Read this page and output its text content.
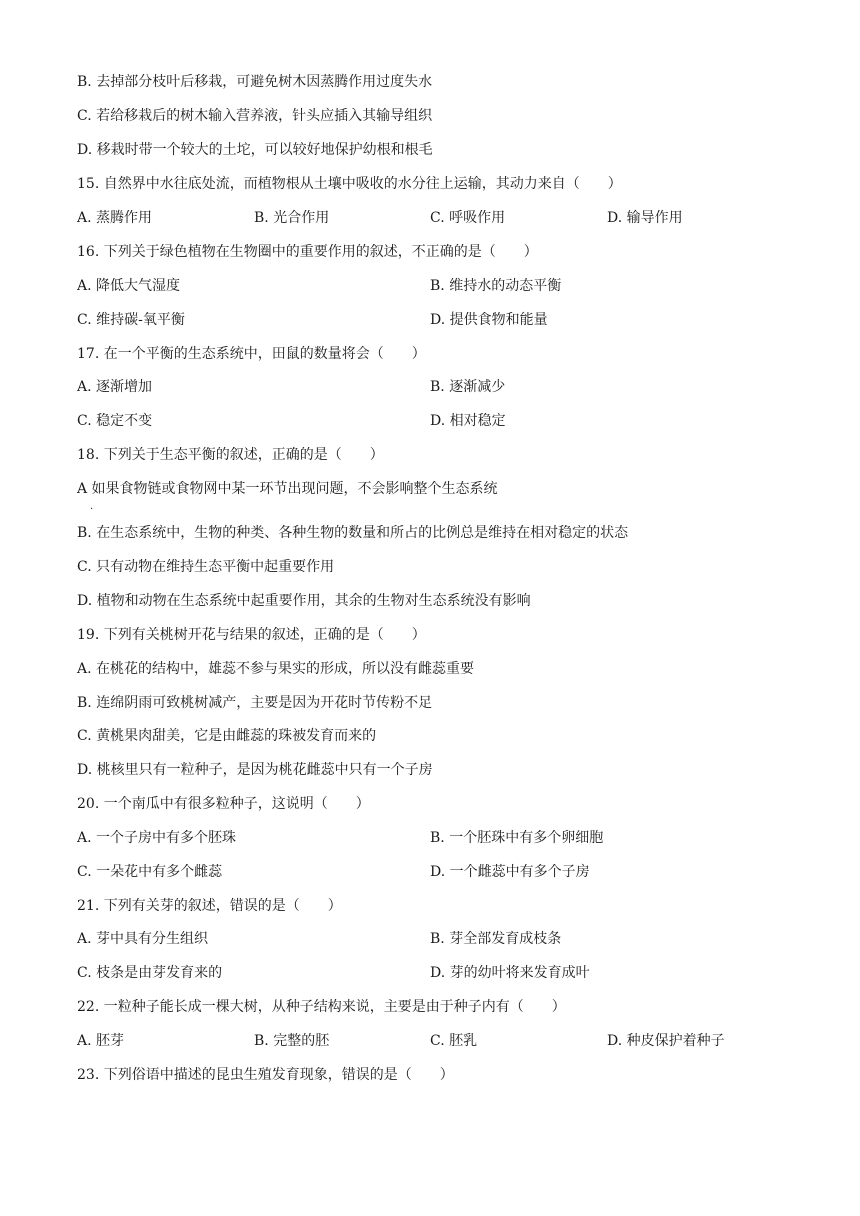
B. 去掉部分枝叶后移栽，可避免树木因蒸腾作用过度失水
C. 若给移栽后的树木输入营养液，针头应插入其输导组织
D. 移栽时带一个较大的土坨，可以较好地保护幼根和根毛
15. 自然界中水往底处流，而植物根从土壤中吸收的水分往上运输，其动力来自（　　）
A. 蒸腾作用	B. 光合作用	C. 呼吸作用	D. 输导作用
16. 下列关于绿色植物在生物圈中的重要作用的叙述，不正确的是（　　）
A. 降低大气湿度	B. 维持水的动态平衡
C. 维持碳-氧平衡	D. 提供食物和能量
17. 在一个平衡的生态系统中，田鼠的数量将会（　　）
A. 逐渐增加	B. 逐渐减少
C. 稳定不变	D. 相对稳定
18. 下列关于生态平衡的叙述，正确的是（　　）
A 如果食物链或食物网中某一环节出现问题，不会影响整个生态系统
.
B. 在生态系统中，生物的种类、各种生物的数量和所占的比例总是维持在相对稳定的状态
C. 只有动物在维持生态平衡中起重要作用
D. 植物和动物在生态系统中起重要作用，其余的生物对生态系统没有影响
19. 下列有关桃树开花与结果的叙述，正确的是（　　）
A. 在桃花的结构中，雄蕊不参与果实的形成，所以没有雌蕊重要
B. 连绵阴雨可致桃树减产，主要是因为开花时节传粉不足
C. 黄桃果肉甜美，它是由雌蕊的珠被发育而来的
D. 桃核里只有一粒种子，是因为桃花雌蕊中只有一个子房
20. 一个南瓜中有很多粒种子，这说明（　　）
A. 一个子房中有多个胚珠	B. 一个胚珠中有多个卵细胞
C. 一朵花中有多个雌蕊	D. 一个雌蕊中有多个子房
21. 下列有关芽的叙述，错误的是（　　）
A. 芽中具有分生组织	B. 芽全部发育成枝条
C. 枝条是由芽发育来的	D. 芽的幼叶将来发育成叶
22. 一粒种子能长成一棵大树，从种子结构来说，主要是由于种子内有（　　）
A. 胚芽	B. 完整的胚	C. 胚乳	D. 种皮保护着种子
23. 下列俗语中描述的昆虫生殖发育现象，错误的是（　　）
